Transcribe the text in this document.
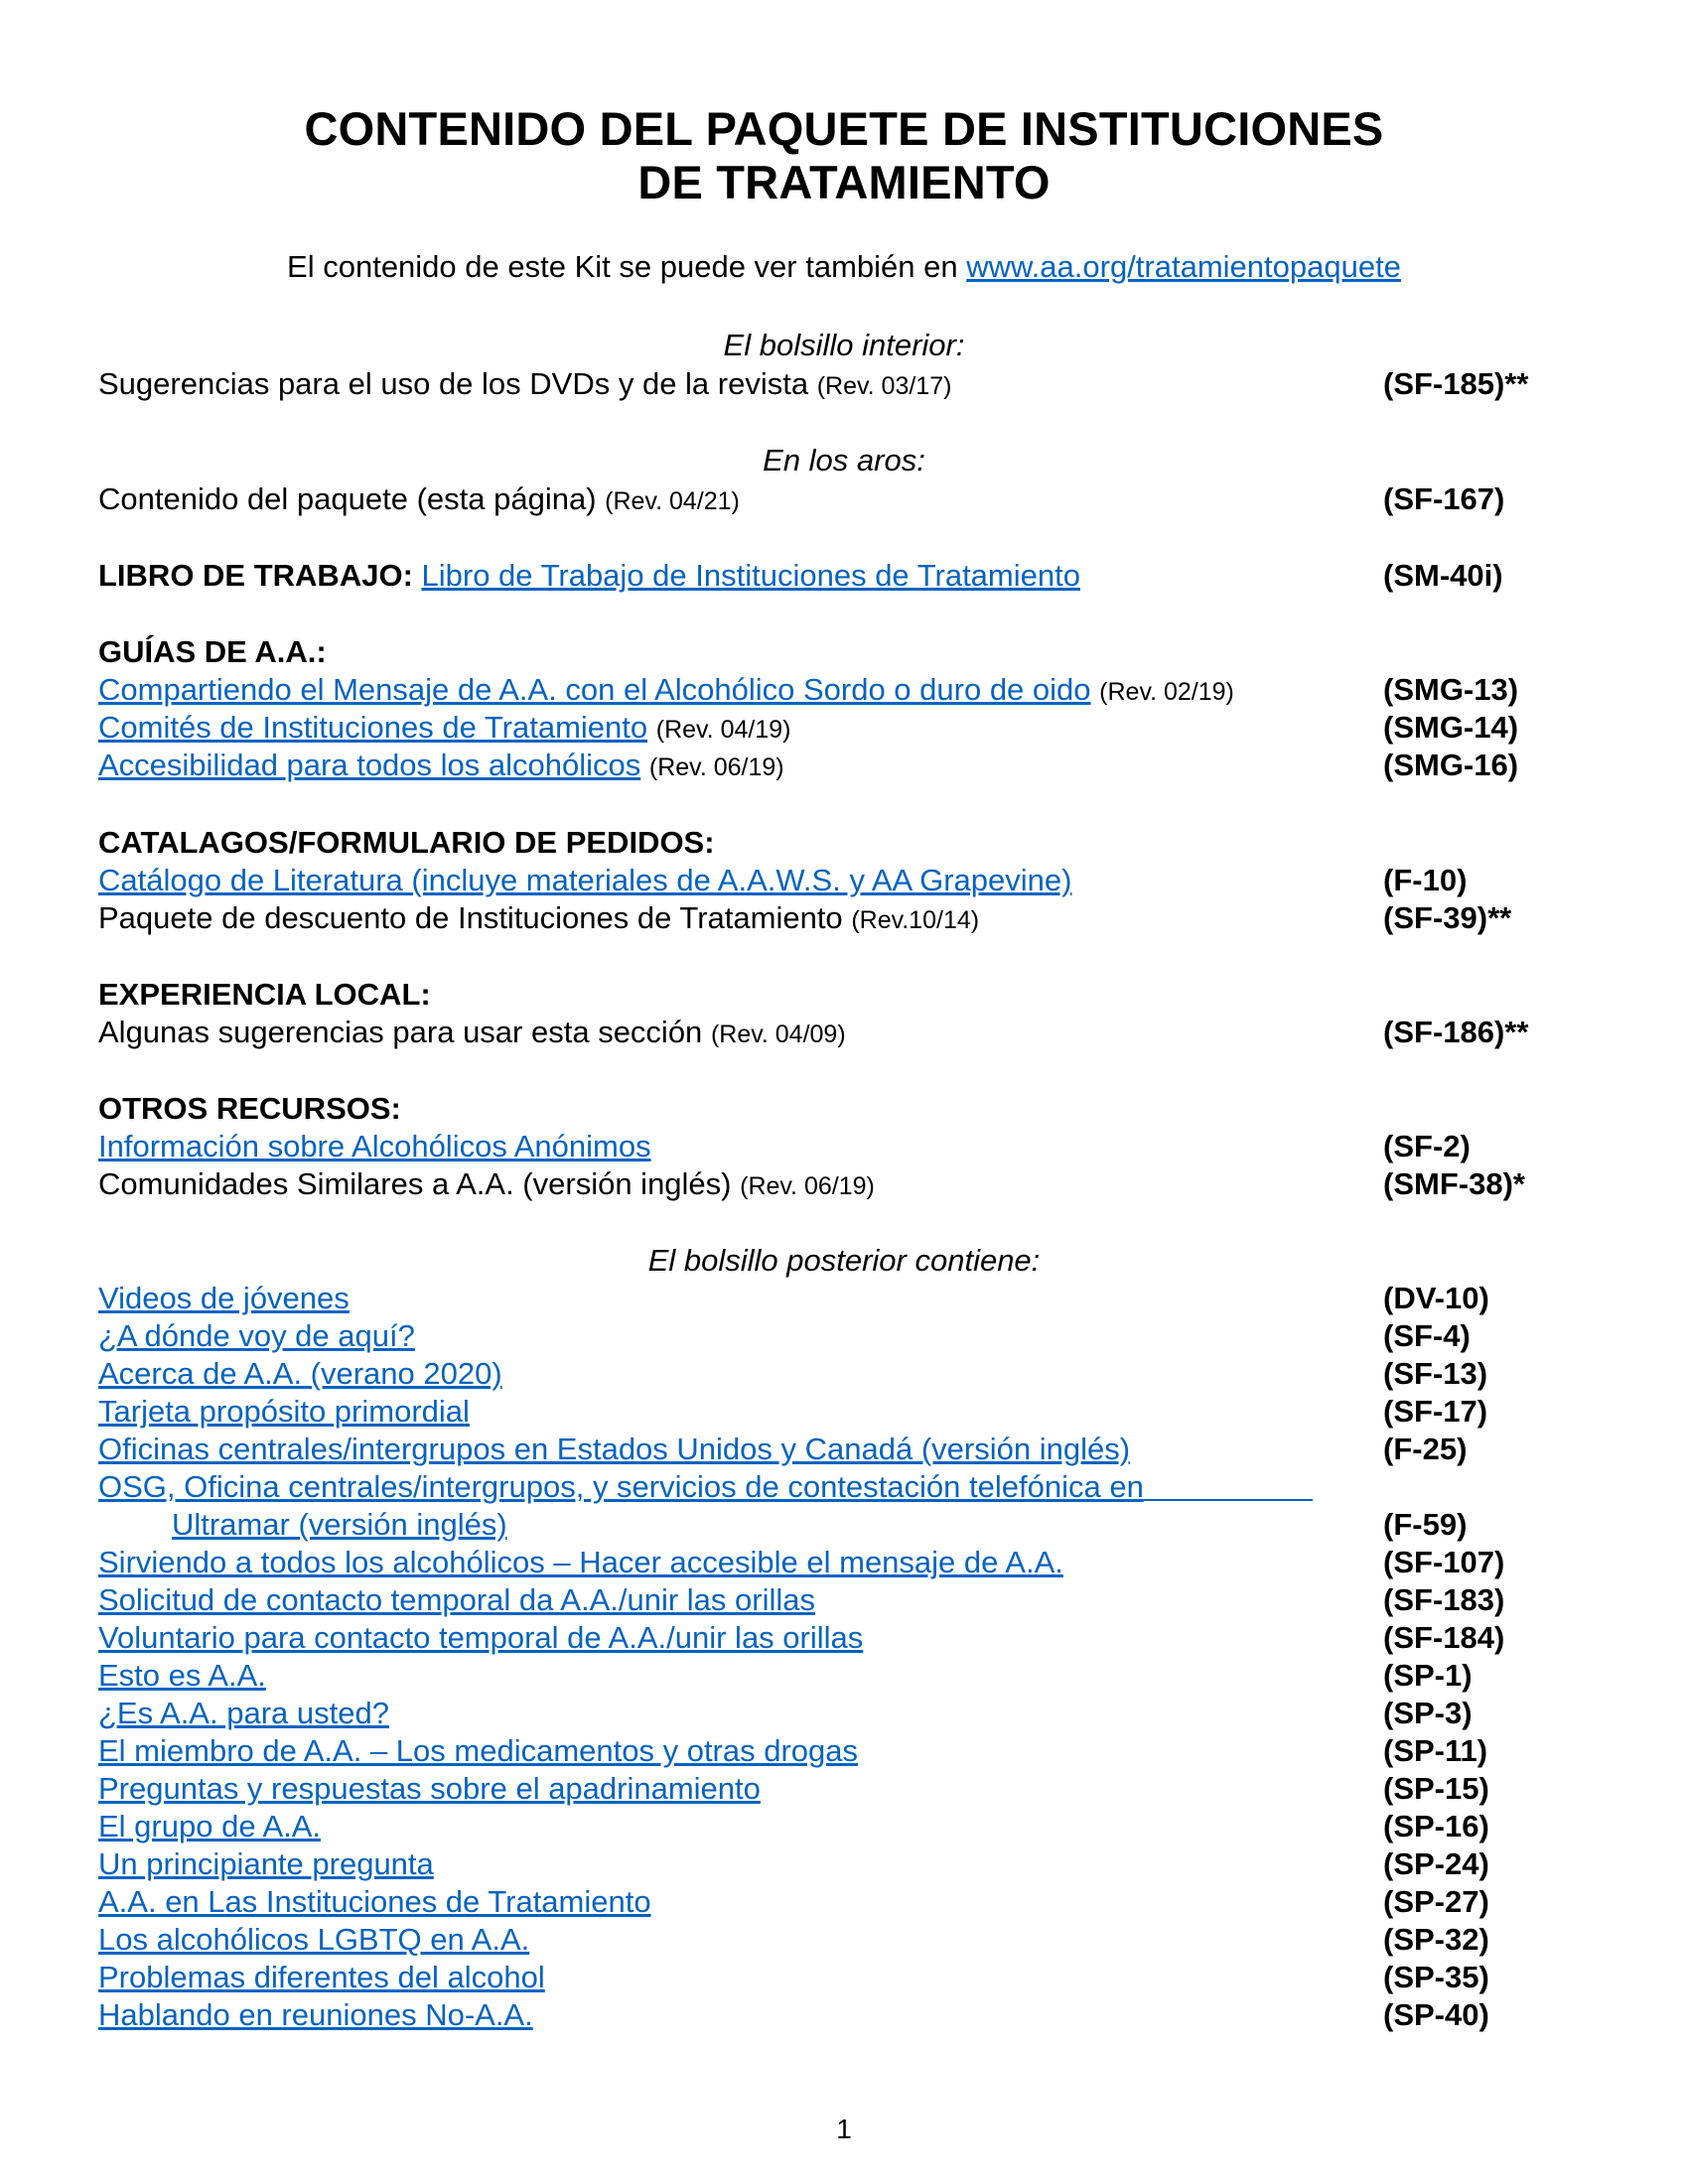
CONTENIDO DEL PAQUETE DE INSTITUCIONES
DE TRATAMIENTO
El contenido de este Kit se puede ver también en www.aa.org/tratamientopaquete
El bolsillo interior:
Sugerencias para el uso de los DVDs y de la revista (Rev. 03/17)	(SF-185)**
En los aros:
Contenido del paquete (esta página) (Rev. 04/21)	(SF-167)
LIBRO DE TRABAJO: Libro de Trabajo de Instituciones de Tratamiento	(SM-40i)
GUÍAS DE A.A.:
Compartiendo el Mensaje de A.A. con el Alcohólico Sordo o duro de oido (Rev. 02/19)	(SMG-13)
Comités de Instituciones de Tratamiento (Rev. 04/19)	(SMG-14)
Accesibilidad para todos los alcohólicos (Rev. 06/19)	(SMG-16)
CATALAGOS/FORMULARIO DE PEDIDOS:
Catálogo de Literatura (incluye materiales de A.A.W.S. y AA Grapevine)	(F-10)
Paquete de descuento de Instituciones de Tratamiento (Rev.10/14)	(SF-39)**
EXPERIENCIA LOCAL:
Algunas sugerencias para usar esta sección (Rev. 04/09)	(SF-186)**
OTROS RECURSOS:
Información sobre Alcohólicos Anónimos	(SF-2)
Comunidades Similares a A.A. (versión inglés) (Rev. 06/19)	(SMF-38)*
El bolsillo posterior contiene:
Videos de jóvenes	(DV-10)
¿A dónde voy de aquí?	(SF-4)
Acerca de A.A. (verano 2020)	(SF-13)
Tarjeta propósito primordial	(SF-17)
Oficinas centrales/intergrupos en Estados Unidos y Canadá (versión inglés)	(F-25)
OSG, Oficina centrales/intergrupos, y servicios de contestación telefónica en
Ultramar (versión inglés)	(F-59)
Sirviendo a todos los alcohólicos – Hacer accesible el mensaje de A.A.	(SF-107)
Solicitud de contacto temporal da A.A./unir las orillas	(SF-183)
Voluntario para contacto temporal de A.A./unir las orillas	(SF-184)
Esto es A.A.	(SP-1)
¿Es A.A. para usted?	(SP-3)
El miembro de A.A. – Los medicamentos y otras drogas	(SP-11)
Preguntas y respuestas sobre el apadrinamiento	(SP-15)
El grupo de A.A.	(SP-16)
Un principiante pregunta	(SP-24)
A.A. en Las Instituciones de Tratamiento	(SP-27)
Los alcohólicos LGBTQ en A.A.	(SP-32)
Problemas diferentes del alcohol	(SP-35)
Hablando en reuniones No-A.A.	(SP-40)
1
